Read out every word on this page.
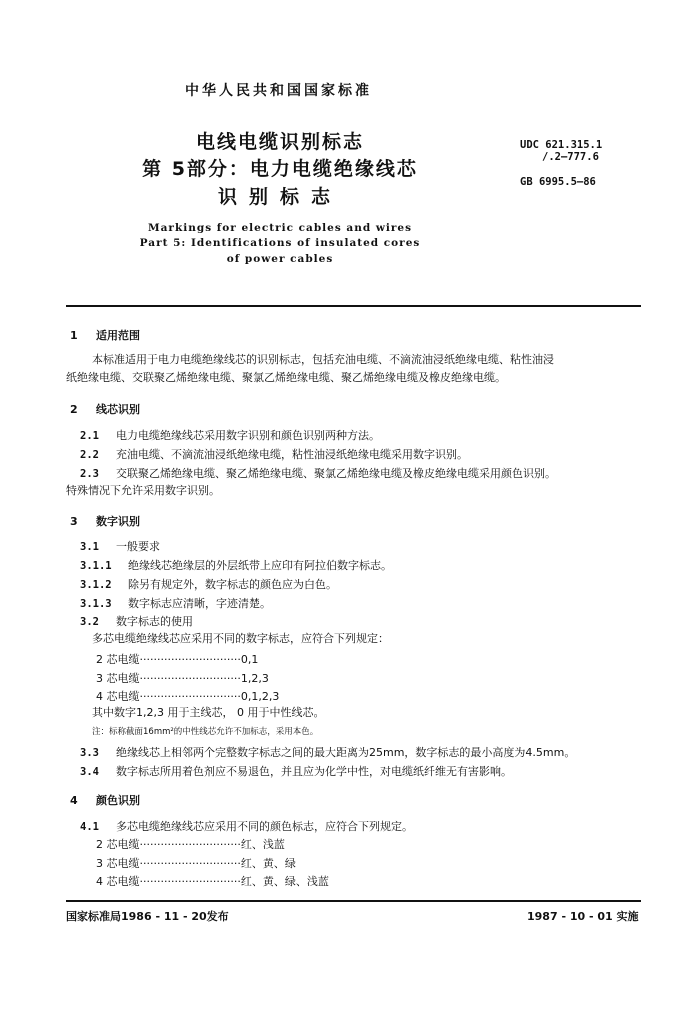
中华人民共和国国家标准
电线电缆识别标志
第 5部分：电力电缆绝缘线芯
识别标志
UDC 621.315.1
/.2—777.6
GB 6995.5—86
Markings for electric cables and wires
Part 5: Identifications of insulated cores
of power cables
1 适用范围
本标准适用于电力电缆绝缘线芯的识别标志，包括充油电缆、不滴流油浸纸绝缘电缆、粘性油浸
纸绝缘电缆、交联聚乙烯绝缘电缆、聚氯乙烯绝缘电缆、聚乙烯绝缘电缆及橡皮绝缘电缆。
2 线芯识别
2.1 电力电缆绝缘线芯采用数字识别和颜色识别两种方法。
2.2 充油电缆、不滴流油浸纸绝缘电缆，粘性油浸纸绝缘电缆采用数字识别。
2.3 交联聚乙烯绝缘电缆、聚乙烯绝缘电缆、聚氯乙烯绝缘电缆及橡皮绝缘电缆采用颜色识别。
特殊情况下允许采用数字识别。
3 数字识别
3.1 一般要求
3.1.1 绝缘线芯绝缘层的外层纸带上应印有阿拉伯数字标志。
3.1.2 除另有规定外，数字标志的颜色应为白色。
3.1.3 数字标志应清晰，字迹清楚。
3.2 数字标志的使用
多芯电缆绝缘线芯应采用不同的数字标志，应符合下列规定：
2 芯电缆·····························0,1
3 芯电缆·····························1,2,3
4 芯电缆·····························0,1,2,3
其中数字1,2,3 用于主线芯， 0 用于中性线芯。
注：标称截面16mm²的中性线芯允许不加标志，采用本色。
3.3 绝缘线芯上相邻两个完整数字标志之间的最大距离为25mm，数字标志的最小高度为4.5mm。
3.4 数字标志所用着色剂应不易退色，并且应为化学中性，对电缆纸纤维无有害影响。
4 颜色识别
4.1 多芯电缆绝缘线芯应采用不同的颜色标志，应符合下列规定。
2 芯电缆·····························红、浅蓝
3 芯电缆·····························红、黄、绿
4 芯电缆·····························红、黄、绿、浅蓝
国家标准局1986 - 11 - 20发布	1987 - 10 - 01 实施
